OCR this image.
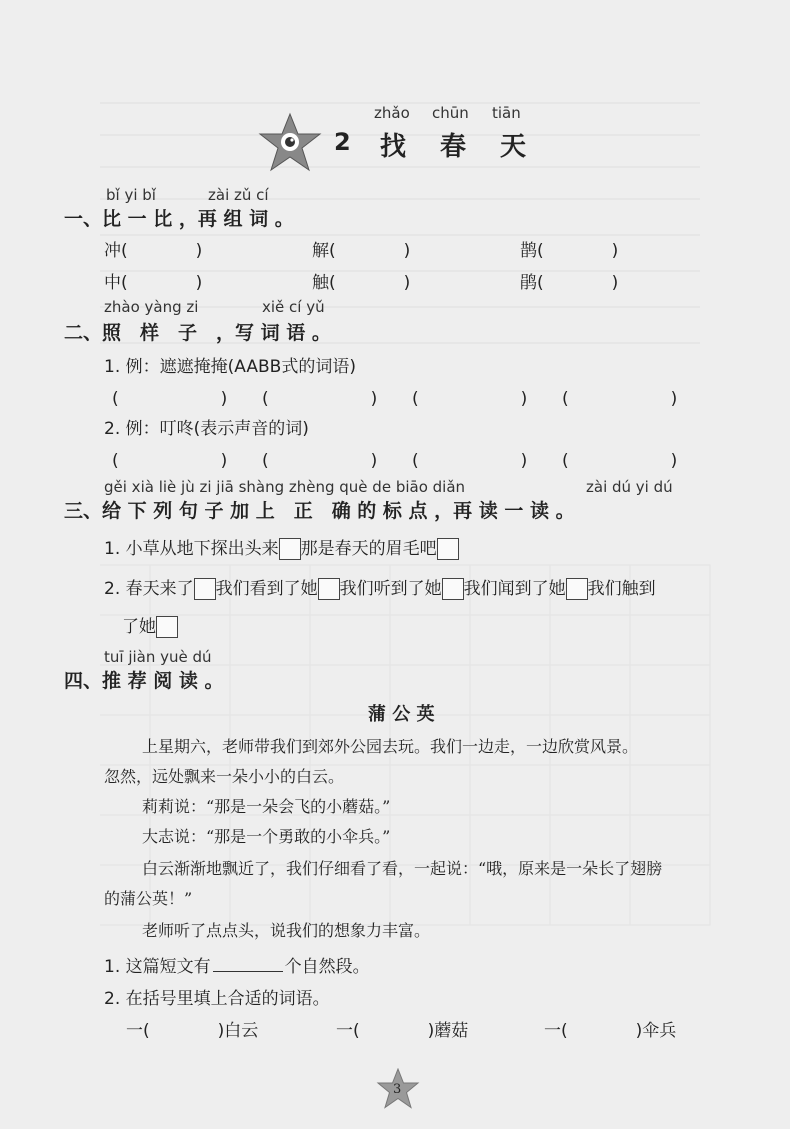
zhǎo chūn tiān
2 找 春 天
bǐ yi bǐ	zài zǔ cí
一、比 一 比 ，再 组 词 。
冲(　　　　)	解(　　　　)	鹊(　　　　)
中(　　　　)	触(　　　　)	鹃(　　　　)
zhào yàng zi	xiě cí yǔ
二、照　样　子　，写 词 语 。
1. 例：遮遮掩掩(AABB式的词语)
(　　　　　　) (　　　　　　) (　　　　　　) (　　　　　　)
2. 例：叮咚(表示声音的词)
(　　　　　　) (　　　　　　) (　　　　　　) (　　　　　　)
gěi xià liè jù zi jiā shàng zhèng què de biāo diǎn	zài dú yi dú
三、给 下 列 句 子 加 上　正　确 的 标 点 ，再 读 一 读 。
1. 小草从地下探出头来 那是春天的眉毛吧
2. 春天来了 我们看到了她 我们听到了她 我们闻到了她 我们触到
了她
tuī jiàn yuè dú
四、推 荐 阅 读 。
蒲 公 英
上星期六，老师带我们到郊外公园去玩。我们一边走，一边欣赏风景。
忽然，远处飘来一朵小小的白云。
莉莉说：“那是一朵会飞的小蘑菇。”
大志说：“那是一个勇敢的小伞兵。”
白云渐渐地飘近了，我们仔细看了看，一起说：“哦，原来是一朵长了翅膀
的蒲公英！”
老师听了点点头，说我们的想象力丰富。
1. 这篇短文有	个自然段。
2. 在括号里填上合适的词语。
一(　　　　)白云	一(　　　　)蘑菇	一(　　　　)伞兵
3
